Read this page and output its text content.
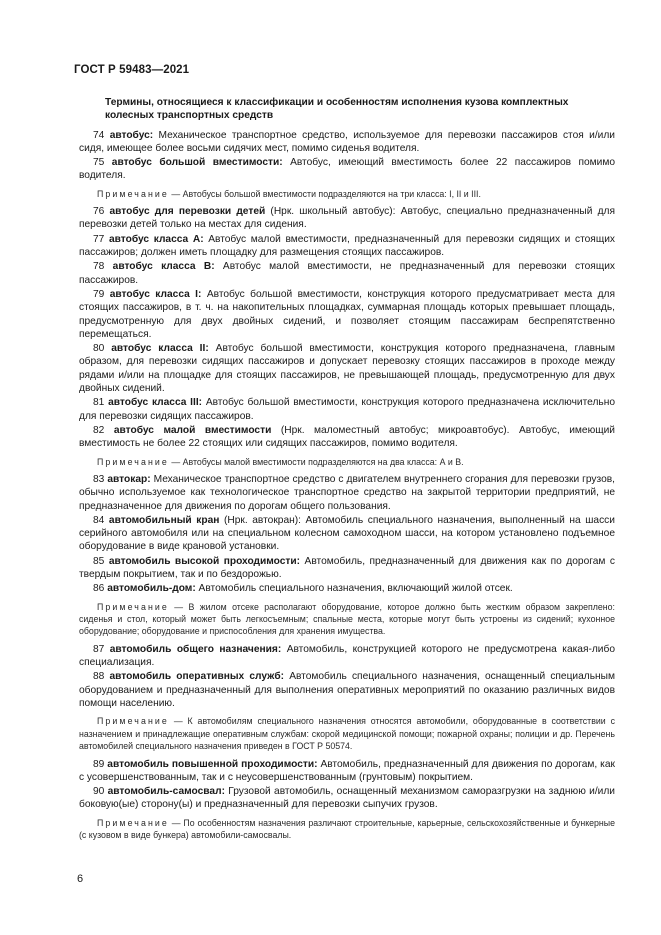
ГОСТ Р 59483—2021
Термины, относящиеся к классификации и особенностям исполнения кузова комплектных колесных транспортных средств

74 автобус: Механическое транспортное средство, используемое для перевозки пассажиров стоя и/или сидя, имеющее более восьми сидячих мест, помимо сиденья водителя.

75 автобус большой вместимости: Автобус, имеющий вместимость более 22 пассажиров помимо водителя.

Примечание — Автобусы большой вместимости подразделяются на три класса: I, II и III.

76 автобус для перевозки детей (Нрк. школьный автобус): Автобус, специально предназначенный для перевозки детей только на местах для сидения.

77 автобус класса А: Автобус малой вместимости, предназначенный для перевозки сидящих и стоящих пассажиров; должен иметь площадку для размещения стоящих пассажиров.

78 автобус класса В: Автобус малой вместимости, не предназначенный для перевозки стоящих пассажиров.

79 автобус класса I: Автобус большой вместимости, конструкция которого предусматривает места для стоящих пассажиров, в т. ч. на накопительных площадках, суммарная площадь которых превышает площадь, предусмотренную для двух двойных сидений, и позволяет стоящим пассажирам беспрепятственно перемещаться.

80 автобус класса II: Автобус большой вместимости, конструкция которого предназначена, главным образом, для перевозки сидящих пассажиров и допускает перевозку стоящих пассажиров в проходе между рядами и/или на площадке для стоящих пассажиров, не превышающей площадь, предусмотренную для двух двойных сидений.

81 автобус класса III: Автобус большой вместимости, конструкция которого предназначена исключительно для перевозки сидящих пассажиров.

82 автобус малой вместимости (Нрк. маломестный автобус; микроавтобус). Автобус, имеющий вместимость не более 22 стоящих или сидящих пассажиров, помимо водителя.

Примечание — Автобусы малой вместимости подразделяются на два класса: А и В.

83 автокар: Механическое транспортное средство с двигателем внутреннего сгорания для перевозки грузов, обычно используемое как технологическое транспортное средство на закрытой территории предприятий, не предназначенное для движения по дорогам общего пользования.

84 автомобильный кран (Нрк. автокран): Автомобиль специального назначения, выполненный на шасси серийного автомобиля или на специальном колесном самоходном шасси, на котором установлено подъемное оборудование в виде крановой установки.

85 автомобиль высокой проходимости: Автомобиль, предназначенный для движения как по дорогам с твердым покрытием, так и по бездорожью.

86 автомобиль-дом: Автомобиль специального назначения, включающий жилой отсек.

Примечание — В жилом отсеке располагают оборудование, которое должно быть жестким образом закреплено: сиденья и стол, который может быть легкосъемным; спальные места, которые могут быть устроены из сидений; кухонное оборудование; оборудование и приспособления для хранения имущества.

87 автомобиль общего назначения: Автомобиль, конструкцией которого не предусмотрена какая-либо специализация.

88 автомобиль оперативных служб: Автомобиль специального назначения, оснащенный специальным оборудованием и предназначенный для выполнения оперативных мероприятий по оказанию различных видов помощи населению.

Примечание — К автомобилям специального назначения относятся автомобили, оборудованные в соответствии с назначением и принадлежащие оперативным службам: скорой медицинской помощи; пожарной охраны; полиции и др. Перечень автомобилей специального назначения приведен в ГОСТ Р 50574.

89 автомобиль повышенной проходимости: Автомобиль, предназначенный для движения по дорогам, как с усовершенствованным, так и с неусовершенствованным (грунтовым) покрытием.

90 автомобиль-самосвал: Грузовой автомобиль, оснащенный механизмом саморазгрузки на заднюю и/или боковую(ые) сторону(ы) и предназначенный для перевозки сыпучих грузов.

Примечание — По особенностям назначения различают строительные, карьерные, сельскохозяйственные и бункерные (с кузовом в виде бункера) автомобили-самосвалы.

6
